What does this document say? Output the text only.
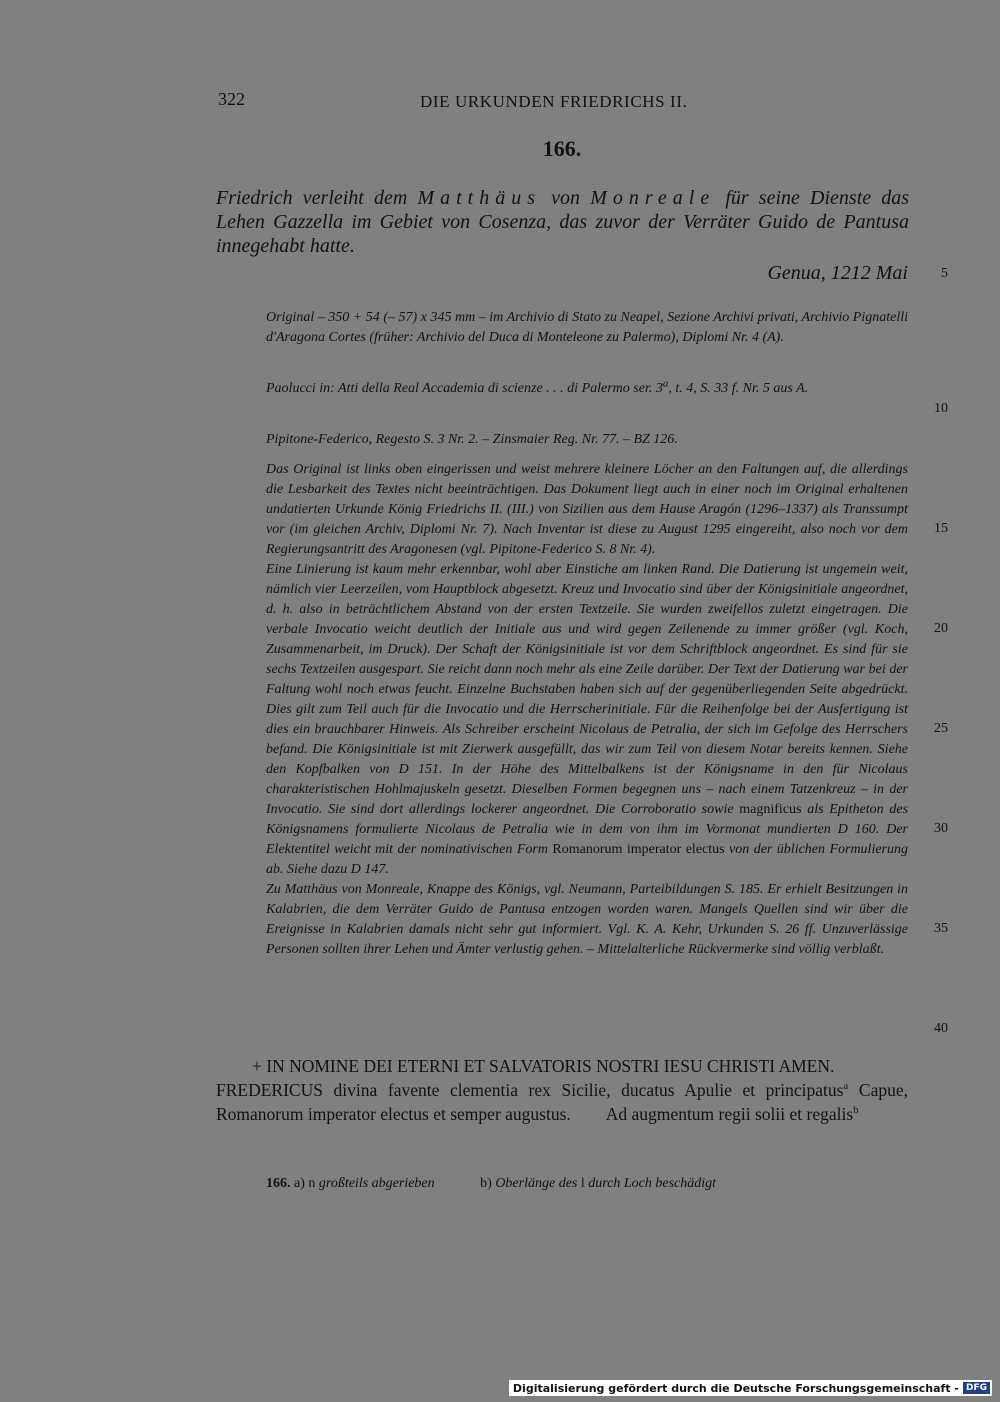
322	DIE URKUNDEN FRIEDRICHS II.
166.
Friedrich verleiht dem Matthäus von Monreale für seine Dienste das Lehen Gazzella im Gebiet von Cosenza, das zuvor der Verräter Guido de Pantusa innegehabt hatte.
Genua, 1212 Mai	5
10
15
20
25
30
35
40

Original – 350 + 54 (– 57) x 345 mm – im Archivio di Stato zu Neapel, Sezione Archivi privati, Archivio Pignatelli d'Aragona Cortes (früher: Archivio del Duca di Monteleone zu Palermo), Diplomi Nr. 4 (A).

Paolucci in: Atti della Real Accademia di scienze . . . di Palermo ser. 3$^a$, t. 4, S. 33 f. Nr. 5 aus A.

Pipitone-Federico, Regesto S. 3 Nr. 2. – Zinsmaier Reg. Nr. 77. – BZ 126.

Das Original ist links oben eingerissen und weist mehrere kleinere Löcher an den Faltungen auf, die allerdings die Lesbarkeit des Textes nicht beeinträchtigen. Das Dokument liegt auch in einer noch im Original erhaltenen undatierten Urkunde König Friedrichs II. (III.) von Sizilien aus dem Hause Aragón (1296–1337) als Transsumpt vor (im gleichen Archiv, Diplomi Nr. 7). Nach Inventar ist diese zu August 1295 eingereiht, also noch vor dem Regierungsantritt des Aragonesen (vgl. Pipitone-Federico S. 8 Nr. 4).

Eine Linierung ist kaum mehr erkennbar, wohl aber Einstiche am linken Rand. Die Datierung ist ungemein weit, nämlich vier Leerzeilen, vom Hauptblock abgesetzt. Kreuz und Invocatio sind über der Königsinitiale angeordnet, d. h. also in beträchtlichem Abstand von der ersten Textzeile. Sie wurden zweifellos zuletzt eingetragen. Die verbale Invocatio weicht deutlich der Initiale aus und wird gegen Zeilenende zu immer größer (vgl. Koch, Zusammenarbeit, im Druck). Der Schaft der Königsinitiale ist vor dem Schriftblock angeordnet. Es sind für sie sechs Textzeilen ausgespart. Sie reicht dann noch mehr als eine Zeile darüber. Der Text der Datierung war bei der Faltung wohl noch etwas feucht. Einzelne Buchstaben haben sich auf der gegenüberliegenden Seite abgedrückt. Dies gilt zum Teil auch für die Invocatio und die Herrscherinitiale. Für die Reihenfolge bei der Ausfertigung ist dies ein brauchbarer Hinweis. Als Schreiber erscheint Nicolaus de Petralia, der sich im Gefolge des Herrschers befand. Die Königsinitiale ist mit Zierwerk ausgefüllt, das wir zum Teil von diesem Notar bereits kennen. Siehe den Kopfbalken von D 151. In der Höhe des Mittelbalkens ist der Königsname in den für Nicolaus charakteristischen Hohlmajuskeln gesetzt. Dieselben Formen begegnen uns – nach einem Tatzenkreuz – in der Invocatio. Sie sind dort allerdings lockerer angeordnet. Die Corroboratio sowie magnificus als Epitheton des Königsnamens formulierte Nicolaus de Petralia wie in dem von ihm im Vormonat mundierten D 160. Der Elektentitel weicht mit der nominativischen Form Romanorum imperator electus von der üblichen Formulierung ab. Siehe dazu D 147.

Zu Matthäus von Monreale, Knappe des Königs, vgl. Neumann, Parteibildungen S. 185. Er erhielt Besitzungen in Kalabrien, die dem Verräter Guido de Pantusa entzogen worden waren. Mangels Quellen sind wir über die Ereignisse in Kalabrien damals nicht sehr gut informiert. Vgl. K. A. Kehr, Urkunden S. 26 ff. Unzuverlässige Personen sollten ihrer Lehen und Ämter verlustig gehen. – Mittelalterliche Rückvermerke sind völlig verblaßt.

+ IN NOMINE DEI ETERNI ET SALVATORIS NOSTRI IESU CHRISTI AMEN.

FREDERICUS divina favente clementia rex Sicilie, ducatus Apulie et principatus$^a$ Capue, Romanorum imperator electus et semper augustus. Ad augmentum regii solii et regalis$^b$

166. a) n großteils abgerieben	b) Oberlänge des l durch Loch beschädigt
Digitalisierung gefördert durch die Deutsche Forschungsgemeinschaft - DFG
